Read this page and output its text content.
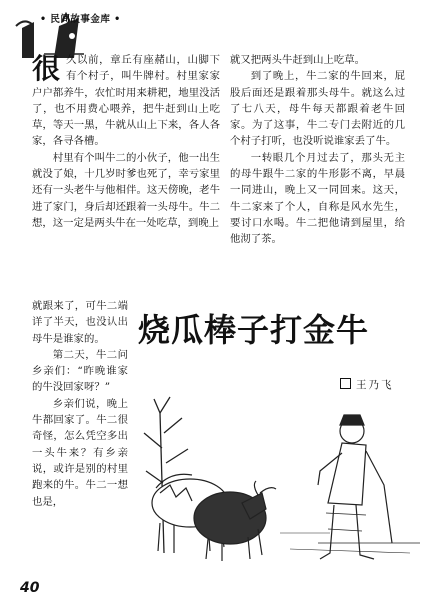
• 民间故事金库 •

很久以前，章丘有座赭山，山脚下有个村子，叫牛牌村。村里家家户户都养牛，农忙时用来耕耙，地里没活了，也不用费心喂养，把牛赶到山上吃草，等天一黑，牛就从山上下来，各人各家，各寻各槽。

村里有个叫牛二的小伙子，他一出生就没了娘，十几岁时爹也死了，幸亏家里还有一头老牛与他相伴。这天傍晚，老牛进了家门，身后却还跟着一头母牛。牛二想，这一定是两头牛在一处吃草，到晚上

就跟来了，可牛二端详了半天，也没认出母牛是谁家的。

第二天，牛二问乡亲们：“昨晚谁家的牛没回家呀？”

乡亲们说，晚上牛都回家了。牛二很奇怪，怎么凭空多出一头牛来？有乡亲说，或许是别的村里跑来的牛。牛二一想也是，

就又把两头牛赶到山上吃草。

到了晚上，牛二家的牛回来，屁股后面还是跟着那头母牛。就这么过了七八天，母牛每天都跟着老牛回家。为了这事，牛二专门去附近的几个村子打听，也没听说谁家丢了牛。

一转眼几个月过去了，那头无主的母牛跟牛二家的牛形影不离，早晨一同进山，晚上又一同回来。这天，牛二家来了个人，自称是风水先生，要讨口水喝。牛二把他请到屋里，给他沏了茶。

烧瓜棒子打金牛
王乃飞
40
